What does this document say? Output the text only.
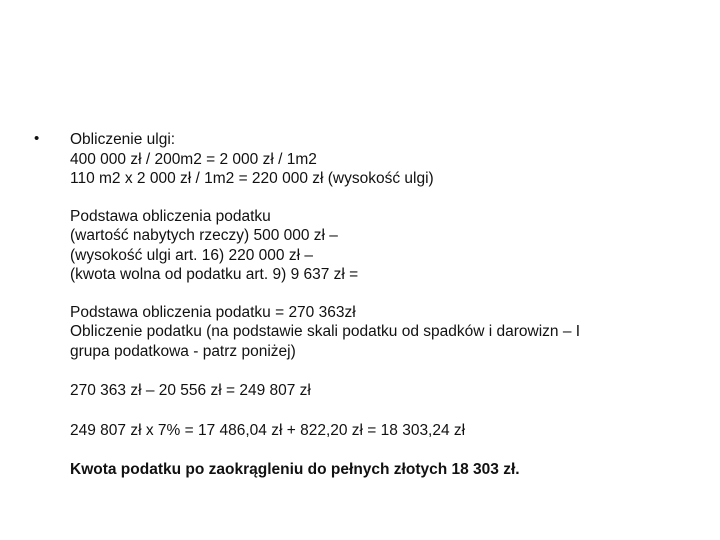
• Obliczenie ulgi:
400 000 zł / 200m2 = 2 000 zł / 1m2
110 m2 x 2 000 zł / 1m2 = 220 000 zł (wysokość ulgi)
Podstawa obliczenia podatku
(wartość nabytych rzeczy) 500 000 zł –
(wysokość ulgi art. 16) 220 000 zł –
(kwota wolna od podatku art. 9) 9 637 zł =
Podstawa obliczenia podatku = 270 363zł
Obliczenie podatku (na podstawie skali podatku od spadków i darowizn – I
grupa podatkowa - patrz poniżej)
270 363 zł – 20 556 zł = 249 807 zł
249 807 zł x 7% = 17 486,04 zł + 822,20 zł = 18 303,24 zł
Kwota podatku po zaokrągleniu do pełnych złotych 18 303 zł.
